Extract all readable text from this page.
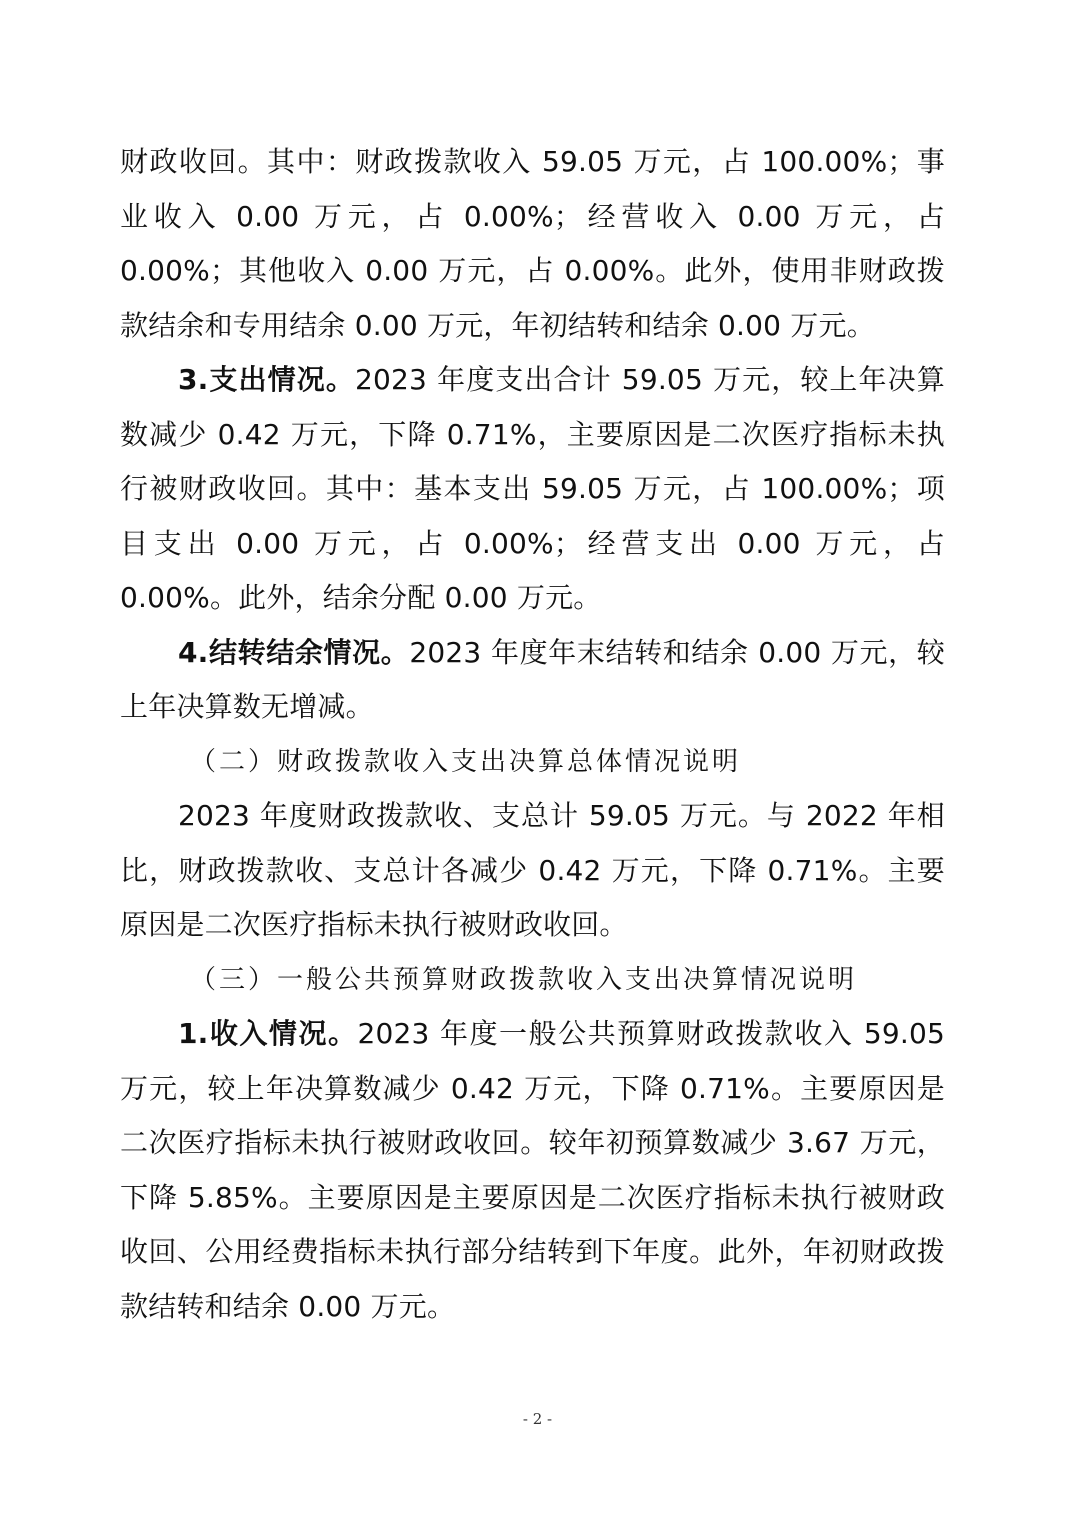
财政收回。其中：财政拨款收入 59.05 万元，占 100.00%；事业收入 0.00 万元，占 0.00%；经营收入 0.00 万元，占 0.00%；其他收入 0.00 万元，占 0.00%。此外，使用非财政拨款结余和专用结余 0.00 万元，年初结转和结余 0.00 万元。

3.支出情况。2023 年度支出合计 59.05 万元，较上年决算数减少 0.42 万元，下降 0.71%，主要原因是二次医疗指标未执行被财政收回。其中：基本支出 59.05 万元，占 100.00%；项目支出 0.00 万元，占 0.00%；经营支出 0.00 万元，占 0.00%。此外，结余分配 0.00 万元。

4.结转结余情况。2023 年度年末结转和结余 0.00 万元，较上年决算数无增减。

（二）财政拨款收入支出决算总体情况说明

2023 年度财政拨款收、支总计 59.05 万元。与 2022 年相比，财政拨款收、支总计各减少 0.42 万元，下降 0.71%。主要原因是二次医疗指标未执行被财政收回。

（三）一般公共预算财政拨款收入支出决算情况说明

1.收入情况。2023 年度一般公共预算财政拨款收入 59.05 万元，较上年决算数减少 0.42 万元，下降 0.71%。主要原因是二次医疗指标未执行被财政收回。较年初预算数减少 3.67 万元，下降 5.85%。主要原因是主要原因是二次医疗指标未执行被财政收回、公用经费指标未执行部分结转到下年度。此外，年初财政拨款结转和结余 0.00 万元。

- 2 -
